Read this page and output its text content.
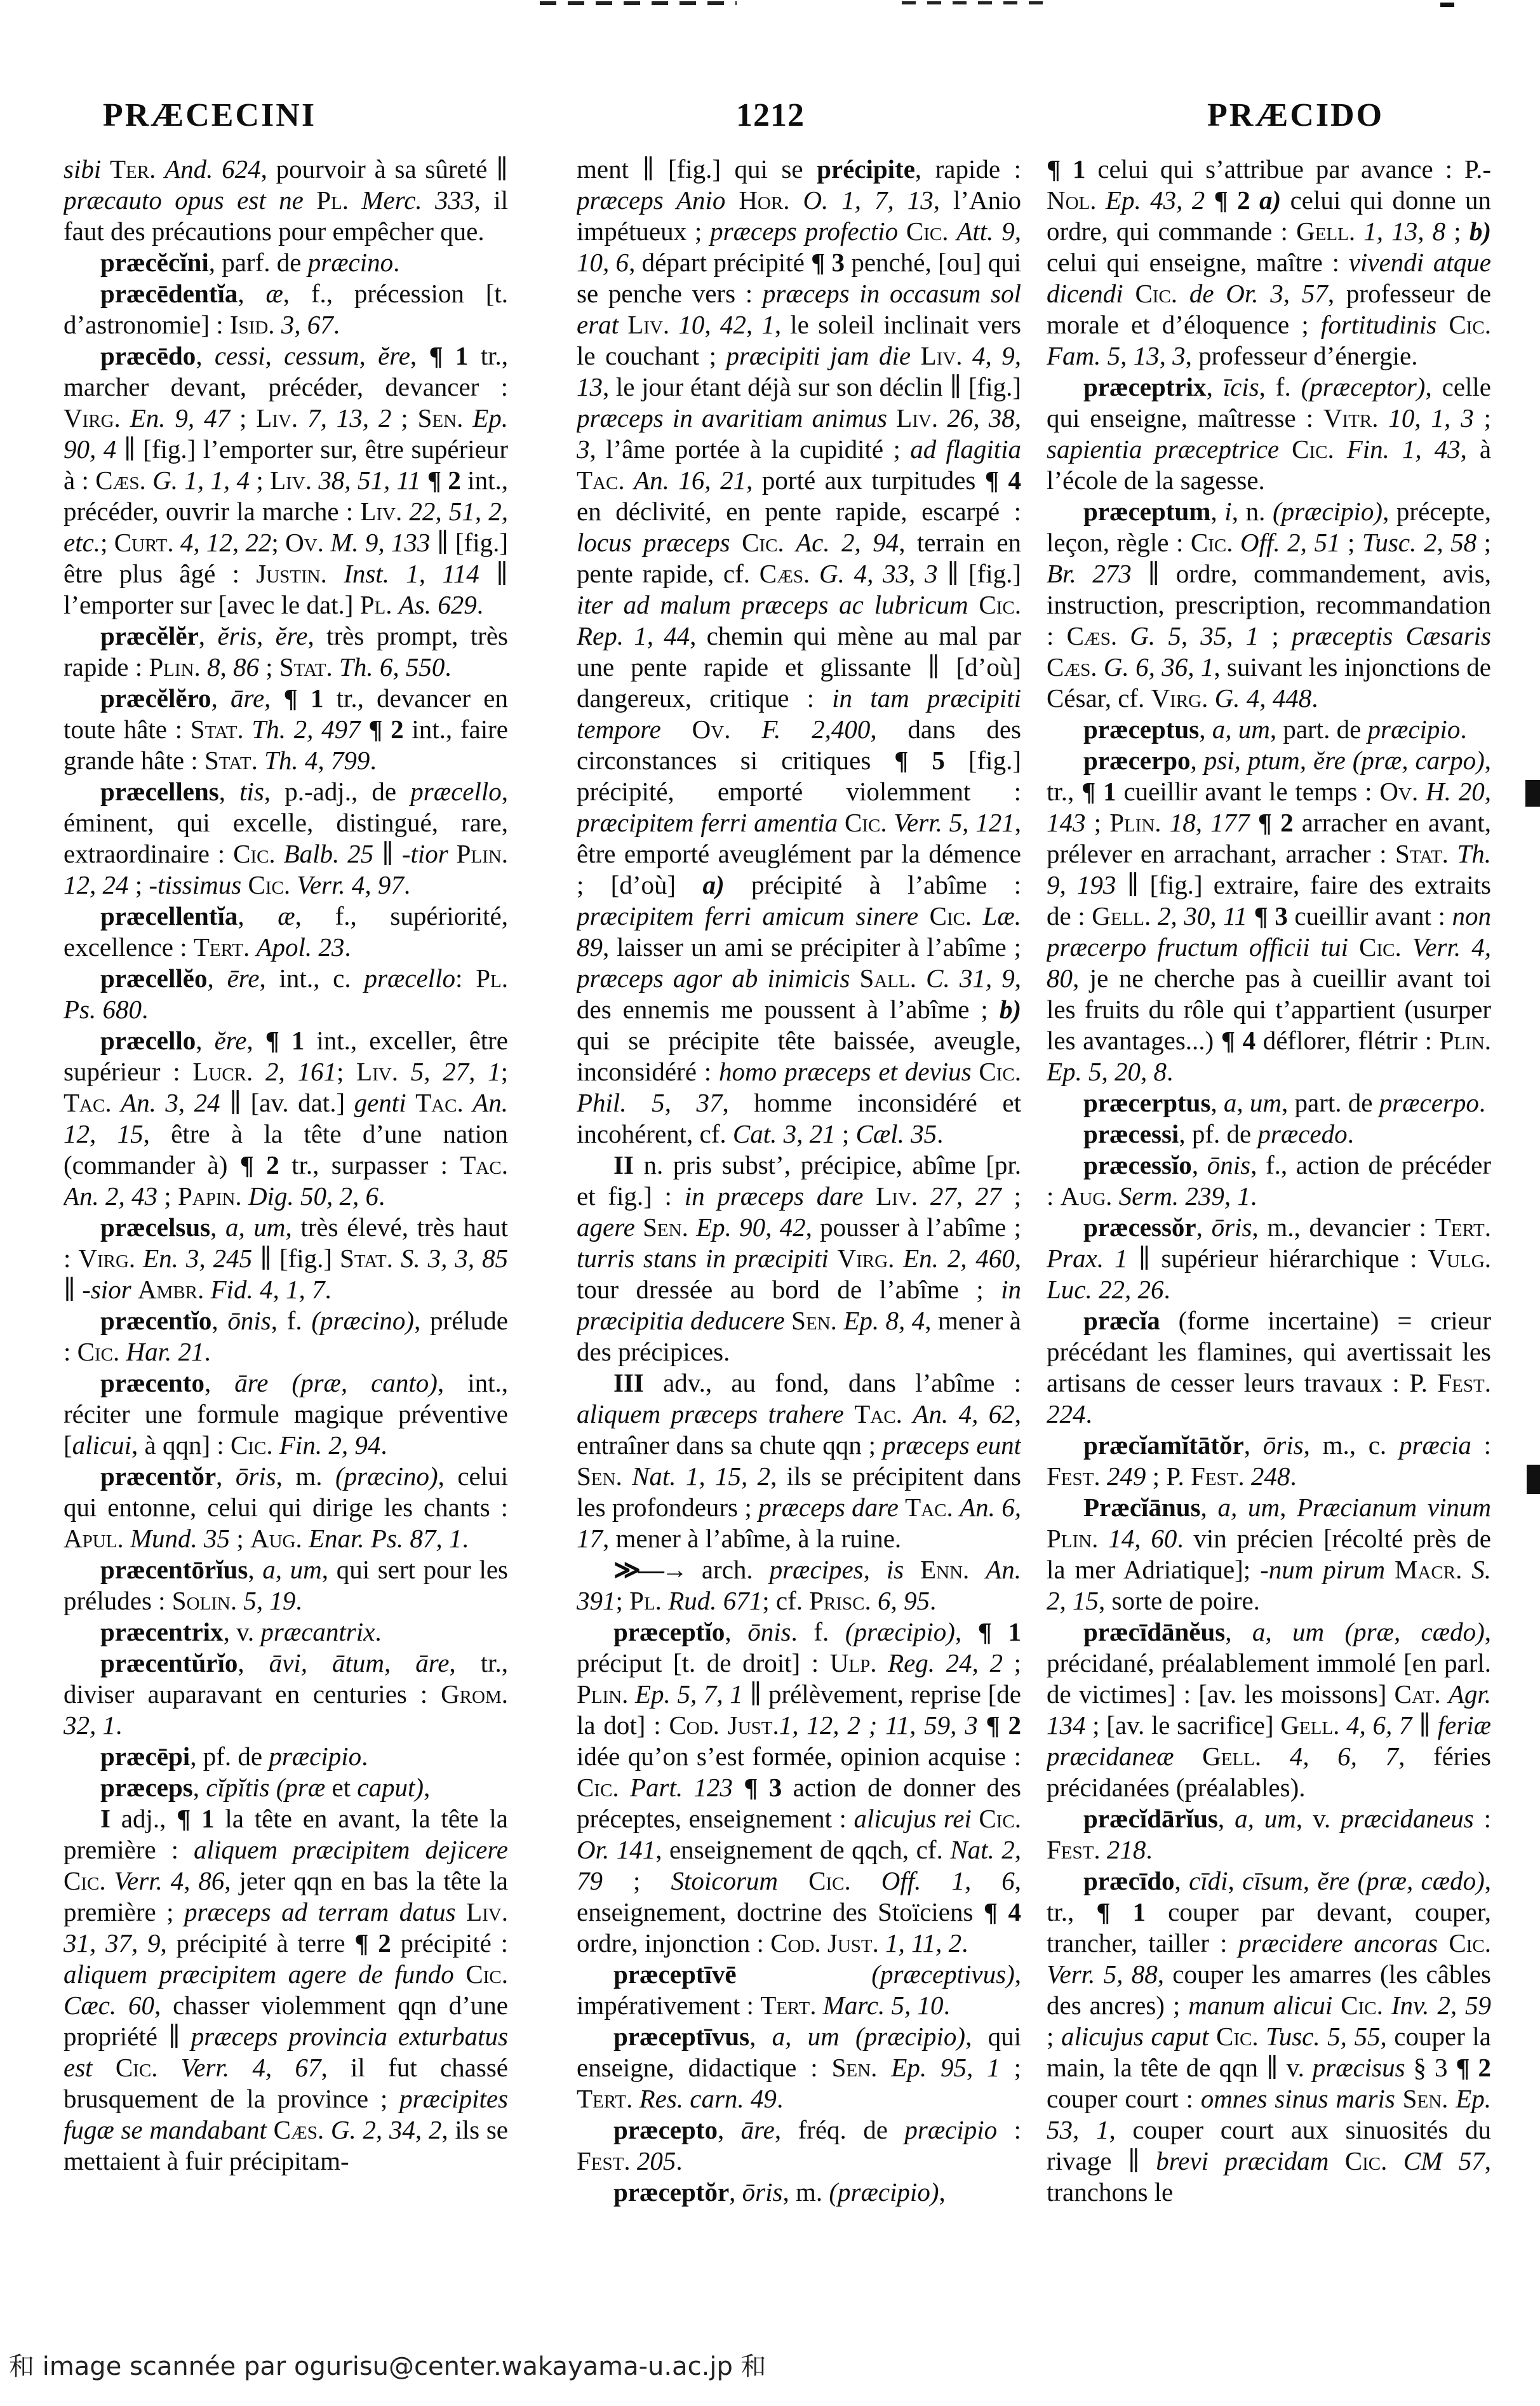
PRÆCECINI	1212	PRÆCIDO

sibi Ter. And. 624, pourvoir à sa sûreté ∥ præcauto opus est ne Pl. Merc. 333, il faut des précautions pour empêcher que.

præcĕcĭni, parf. de præcino.

præcēdentĭa, æ, f., précession [t. d’astronomie] : Isid. 3, 67.

præcēdo, cessi, cessum, ĕre, ¶ 1 tr., marcher devant, précéder, devancer : Virg. En. 9, 47 ; Liv. 7, 13, 2 ; Sen. Ep. 90, 4 ∥ [fig.] l’emporter sur, être supérieur à : Cæs. G. 1, 1, 4 ; Liv. 38, 51, 11 ¶ 2 int., précéder, ouvrir la marche : Liv. 22, 51, 2, etc.; Curt. 4, 12, 22; Ov. M. 9, 133 ∥ [fig.] être plus âgé : Justin. Inst. 1, 114 ∥ l’emporter sur [avec le dat.] Pl. As. 629.

præcĕlĕr, ĕris, ĕre, très prompt, très rapide : Plin. 8, 86 ; Stat. Th. 6, 550.

præcĕlĕro, āre, ¶ 1 tr., devancer en toute hâte : Stat. Th. 2, 497 ¶ 2 int., faire grande hâte : Stat. Th. 4, 799.

præcellens, tis, p.-adj., de præcello, éminent, qui excelle, distingué, rare, extraordinaire : Cic. Balb. 25 ∥ -tior Plin. 12, 24 ; -tissimus Cic. Verr. 4, 97.

præcellentĭa, æ, f., supériorité, excellence : Tert. Apol. 23.

præcellĕo, ēre, int., c. præcello: Pl. Ps. 680.

præcello, ĕre, ¶ 1 int., exceller, être supérieur : Lucr. 2, 161; Liv. 5, 27, 1; Tac. An. 3, 24 ∥ [av. dat.] genti Tac. An. 12, 15, être à la tête d’une nation (commander à) ¶ 2 tr., surpasser : Tac. An. 2, 43 ; Papin. Dig. 50, 2, 6.

præcelsus, a, um, très élevé, très haut : Virg. En. 3, 245 ∥ [fig.] Stat. S. 3, 3, 85 ∥ -sior Ambr. Fid. 4, 1, 7.

præcentĭo, ōnis, f. (præcino), prélude : Cic. Har. 21.

præcento, āre (præ, canto), int., réciter une formule magique préventive [alicui, à qqn] : Cic. Fin. 2, 94.

præcentŏr, ōris, m. (præcino), celui qui entonne, celui qui dirige les chants : Apul. Mund. 35 ; Aug. Enar. Ps. 87, 1.

præcentōrĭus, a, um, qui sert pour les préludes : Solin. 5, 19.

præcentrix, v. præcantrix.

præcentŭrĭo, āvi, ātum, āre, tr., diviser auparavant en centuries : Grom. 32, 1.

præcēpi, pf. de præcipio.

præceps, cĭpĭtis (præ et caput),

I adj., ¶ 1 la tête en avant, la tête la première : aliquem præcipitem dejicere Cic. Verr. 4, 86, jeter qqn en bas la tête la première ; præceps ad terram datus Liv. 31, 37, 9, précipité à terre ¶ 2 précipité : aliquem præcipitem agere de fundo Cic. Cæc. 60, chasser violemment qqn d’une propriété ∥ præceps provincia exturbatus est Cic. Verr. 4, 67, il fut chassé brusquement de la province ; præcipites fugæ se mandabant Cæs. G. 2, 34, 2, ils se mettaient à fuir précipitam-

ment ∥ [fig.] qui se précipite, rapide : præceps Anio Hor. O. 1, 7, 13, l’Anio impétueux ; præceps profectio Cic. Att. 9, 10, 6, départ précipité ¶ 3 penché, [ou] qui se penche vers : præceps in occasum sol erat Liv. 10, 42, 1, le soleil inclinait vers le couchant ; præcipiti jam die Liv. 4, 9, 13, le jour étant déjà sur son déclin ∥ [fig.] præceps in avaritiam animus Liv. 26, 38, 3, l’âme portée à la cupidité ; ad flagitia Tac. An. 16, 21, porté aux turpitudes ¶ 4 en déclivité, en pente rapide, escarpé : locus præceps Cic. Ac. 2, 94, terrain en pente rapide, cf. Cæs. G. 4, 33, 3 ∥ [fig.] iter ad malum præceps ac lubricum Cic. Rep. 1, 44, chemin qui mène au mal par une pente rapide et glissante ∥ [d’où] dangereux, critique : in tam præcipiti tempore Ov. F. 2,400, dans des circonstances si critiques ¶ 5 [fig.] précipité, emporté violemment : præcipitem ferri amentia Cic. Verr. 5, 121, être emporté aveuglément par la démence ; [d’où] a) précipité à l’abîme : præcipitem ferri amicum sinere Cic. Læ. 89, laisser un ami se précipiter à l’abîme ; præceps agor ab inimicis Sall. C. 31, 9, des ennemis me poussent à l’abîme ; b) qui se précipite tête baissée, aveugle, inconsidéré : homo præceps et devius Cic. Phil. 5, 37, homme inconsidéré et incohérent, cf. Cat. 3, 21 ; Cæl. 35.

II n. pris subst’, précipice, abîme [pr. et fig.] : in præceps dare Liv. 27, 27 ; agere Sen. Ep. 90, 42, pousser à l’abîme ; turris stans in præcipiti Virg. En. 2, 460, tour dressée au bord de l’abîme ; in præcipitia deducere Sen. Ep. 8, 4, mener à des précipices.

III adv., au fond, dans l’abîme : aliquem præceps trahere Tac. An. 4, 62, entraîner dans sa chute qqn ; præceps eunt Sen. Nat. 1, 15, 2, ils se précipitent dans les profondeurs ; præceps dare Tac. An. 6, 17, mener à l’abîme, à la ruine.

≫—→ arch. præcipes, is Enn. An. 391; Pl. Rud. 671; cf. Prisc. 6, 95.

præceptĭo, ōnis. f. (præcipio), ¶ 1 préciput [t. de droit] : Ulp. Reg. 24, 2 ; Plin. Ep. 5, 7, 1 ∥ prélèvement, reprise [de la dot] : Cod. Just.1, 12, 2 ; 11, 59, 3 ¶ 2 idée qu’on s’est formée, opinion acquise : Cic. Part. 123 ¶ 3 action de donner des préceptes, enseignement : alicujus rei Cic. Or. 141, enseignement de qqch, cf. Nat. 2, 79 ; Stoicorum Cic. Off. 1, 6, enseignement, doctrine des Stoïciens ¶ 4 ordre, injonction : Cod. Just. 1, 11, 2.

præceptīvē	(præceptivus), impérativement : Tert. Marc. 5, 10.

præceptīvus, a, um (præcipio), qui enseigne, didactique : Sen. Ep. 95, 1 ; Tert. Res. carn. 49.

præcepto, āre, fréq. de præcipio : Fest. 205.

præceptŏr, ōris, m. (præcipio),

¶ 1 celui qui s’attribue par avance : P.-Nol. Ep. 43, 2 ¶ 2 a) celui qui donne un ordre, qui commande : Gell. 1, 13, 8 ; b) celui qui enseigne, maître : vivendi atque dicendi Cic. de Or. 3, 57, professeur de morale et d’éloquence ; fortitudinis Cic. Fam. 5, 13, 3, professeur d’énergie.

præceptrix, īcis, f. (præceptor), celle qui enseigne, maîtresse : Vitr. 10, 1, 3 ; sapientia præceptrice Cic. Fin. 1, 43, à l’école de la sagesse.

præceptum, i, n. (præcipio), précepte, leçon, règle : Cic. Off. 2, 51 ; Tusc. 2, 58 ; Br. 273 ∥ ordre, commandement, avis, instruction, prescription, recommandation : Cæs. G. 5, 35, 1 ; præceptis Cæsaris Cæs. G. 6, 36, 1, suivant les injonctions de César, cf. Virg. G. 4, 448.

præceptus, a, um, part. de præcipio.

præcerpo, psi, ptum, ĕre (præ, carpo), tr., ¶ 1 cueillir avant le temps : Ov. H. 20, 143 ; Plin. 18, 177 ¶ 2 arracher en avant, prélever en arrachant, arracher : Stat. Th. 9, 193 ∥ [fig.] extraire, faire des extraits de : Gell. 2, 30, 11 ¶ 3 cueillir avant : non præcerpo fructum officii tui Cic. Verr. 4, 80, je ne cherche pas à cueillir avant toi les fruits du rôle qui t’appartient (usurper les avantages...) ¶ 4 déflorer, flétrir : Plin. Ep. 5, 20, 8.

præcerptus, a, um, part. de præcerpo.

præcessi, pf. de præcedo.

præcessĭo, ōnis, f., action de précéder : Aug. Serm. 239, 1.

præcessŏr, ōris, m., devancier : Tert. Prax. 1 ∥ supérieur hiérarchique : Vulg. Luc. 22, 26.

præcĭa (forme incertaine) = crieur précédant les flamines, qui avertissait les artisans de cesser leurs travaux : P. Fest. 224.

præcĭamĭtātŏr, ōris, m., c. præcia : Fest. 249 ; P. Fest. 248.

Præcĭānus, a, um, Præcianum vinum Plin. 14, 60. vin précien [récolté près de la mer Adriatique]; -num pirum Macr. S. 2, 15, sorte de poire.

præcīdānĕus, a, um (præ, cædo), précidané, préalablement immolé [en parl. de victimes] : [av. les moissons] Cat. Agr. 134 ; [av. le sacrifice] Gell. 4, 6, 7 ∥ feriæ præcidaneæ Gell. 4, 6, 7, féries précidanées (préalables).

præcĭdārĭus, a, um, v. præcidaneus : Fest. 218.

præcīdo, cīdi, cīsum, ĕre (præ, cædo), tr., ¶ 1 couper par devant, couper, trancher, tailler : præcidere ancoras Cic. Verr. 5, 88, couper les amarres (les câbles des ancres) ; manum alicui Cic. Inv. 2, 59 ; alicujus caput Cic. Tusc. 5, 55, couper la main, la tête de qqn ∥ v. præcisus § 3 ¶ 2 couper court : omnes sinus maris Sen. Ep. 53, 1, couper court aux sinuosités du rivage ∥ brevi præcidam Cic. CM 57, tranchons le

和 image scannée par ogurisu@center.wakayama-u.ac.jp 和
